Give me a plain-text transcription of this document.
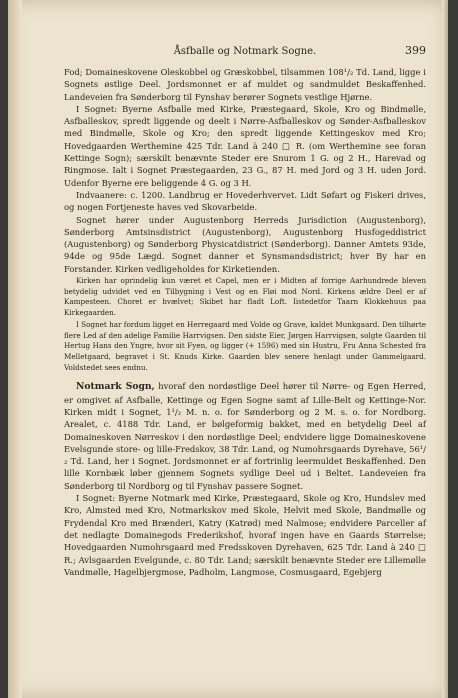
Åsfballe og Notmark Sogne.	399

Fod; Domaineskovene Oleskobbel og Græskobbel, tilsammen 108¹/₂ Td. Land, ligge i Sognets østlige Deel. Jordsmonnet er af muldet og sandmuldet Beskaffenhed. Landeveien fra Sønderborg til Fynshav berører Sognets vestlige Hjørne.

I Sognet: Byerne Asfballe med Kirke, Præstegaard, Skole, Kro og Bindmølle, Asfballeskov, spredt liggende og deelt i Nørre-Asfballeskov og Sønder-Asfballeskov med Bindmølle, Skole og Kro; den spredt liggende Kettingeskov med Kro; Hovedgaarden Werthemine 425 Tdr. Land à 240 □ R. (om Werthemine see foran Kettinge Sogn); særskilt benævnte Steder ere Snurom 1 G. og 2 H., Harevad og Ringmose. Ialt i Sognet Præstegaarden, 23 G., 87 H. med Jord og 3 H. uden Jord. Udenfor Byerne ere beliggende 4 G. og 3 H.

Indvaanere: c. 1200. Landbrug er Hovederhvervet. Lidt Søfart og Fiskeri drives, og nogen Fortjeneste haves ved Skovarbeide.

Sognet hører under Augustenborg Herreds Jurisdiction (Augustenborg), Sønderborg Amtsinsdistrict (Augustenborg), Augustenborg Husfogeddistrict (Augustenborg) og Sønderborg Physicatdistrict (Sønderborg). Danner Amtets 93de, 94de og 95de Lægd. Sognet danner et Synsmandsdistrict; hver By har en Forstander. Kirken vedligeholdes for Kirketienden.

Kirken har oprindelig kun været et Capel, men er i Midten af forrige Aarhundrede bleven betydelig udvidet ved en Tilbygning i Vest og en Fløi mod Nord. Kirkens ældre Deel er af Kampesteen. Choret er hvælvet; Skibet har fladt Loft. Iistedetfor Taarn Klokkehuus paa Kirkegaarden.

I Sognet har fordum ligget en Herregaard med Volde og Grave, kaldet Munkgaard. Den tilhørte flere Led af den adelige Familie Harrvigsen. Den sidste Eier, Jørgen Harrvigsen, solgte Gaarden til Hertug Hans den Yngre, hvor sit Fyen, og ligger (+ 1596) med sin Hustru, Fru Anna Schested fra Melletgaard, begravet i St. Knuds Kirke. Gaarden blev senere henlagt under Gammelgaard. Voldstedet sees endnu.

Notmark Sogn, hvoraf den nordøstlige Deel hører til Nørre- og Egen Herred, er omgivet af Asfballe, Kettinge og Egen Sogne samt af Lille-Belt og Kettinge-Nor. Kirken midt i Sognet, 1¹/₂ M. n. o. for Sønderborg og 2 M. s. o. for Nordborg. Arealet, c. 4188 Tdr. Land, er bølgeformig bakket, med en betydelig Deel af Domaineskoven Nørreskov i den nordøstlige Deel; endvidere ligge Domaineskovene Evelsgunde store- og lille-Fredskov, 38 Tdr. Land, og Numohrsgaards Dyrehave, 56¹/₂ Td. Land, her i Sognet. Jordsmonnet er af fortrinlig leermuldet Beskaffenhed. Den lille Kornbæk løber gjennem Sognets sydlige Deel ud i Beltet. Landeveien fra Sønderborg til Nordborg og til Fynshav passere Sognet.

I Sognet: Byerne Notmark med Kirke, Præstegaard, Skole og Kro, Hundslev med Kro, Almsted med Kro, Notmarkskov med Skole, Helvit med Skole, Bandmølle og Frydendal Kro med Brænderi, Katry (Katrød) med Nalmose; endvidere Parceller af det nedlagte Domainegods Frederikshof, hvoraf ingen have en Gaards Størrelse; Hovedgaarden Numohrsgaard med Fredsskoven Dyrehaven, 625 Tdr. Land à 240 □ R.; Avlsgaarden Evelgunde, c. 80 Tdr. Land; særskilt benævnte Steder ere Lillemølle Vandmølle, Hagelbjergmose, Padholm, Langmose, Cosmusgaard, Egebjerg
